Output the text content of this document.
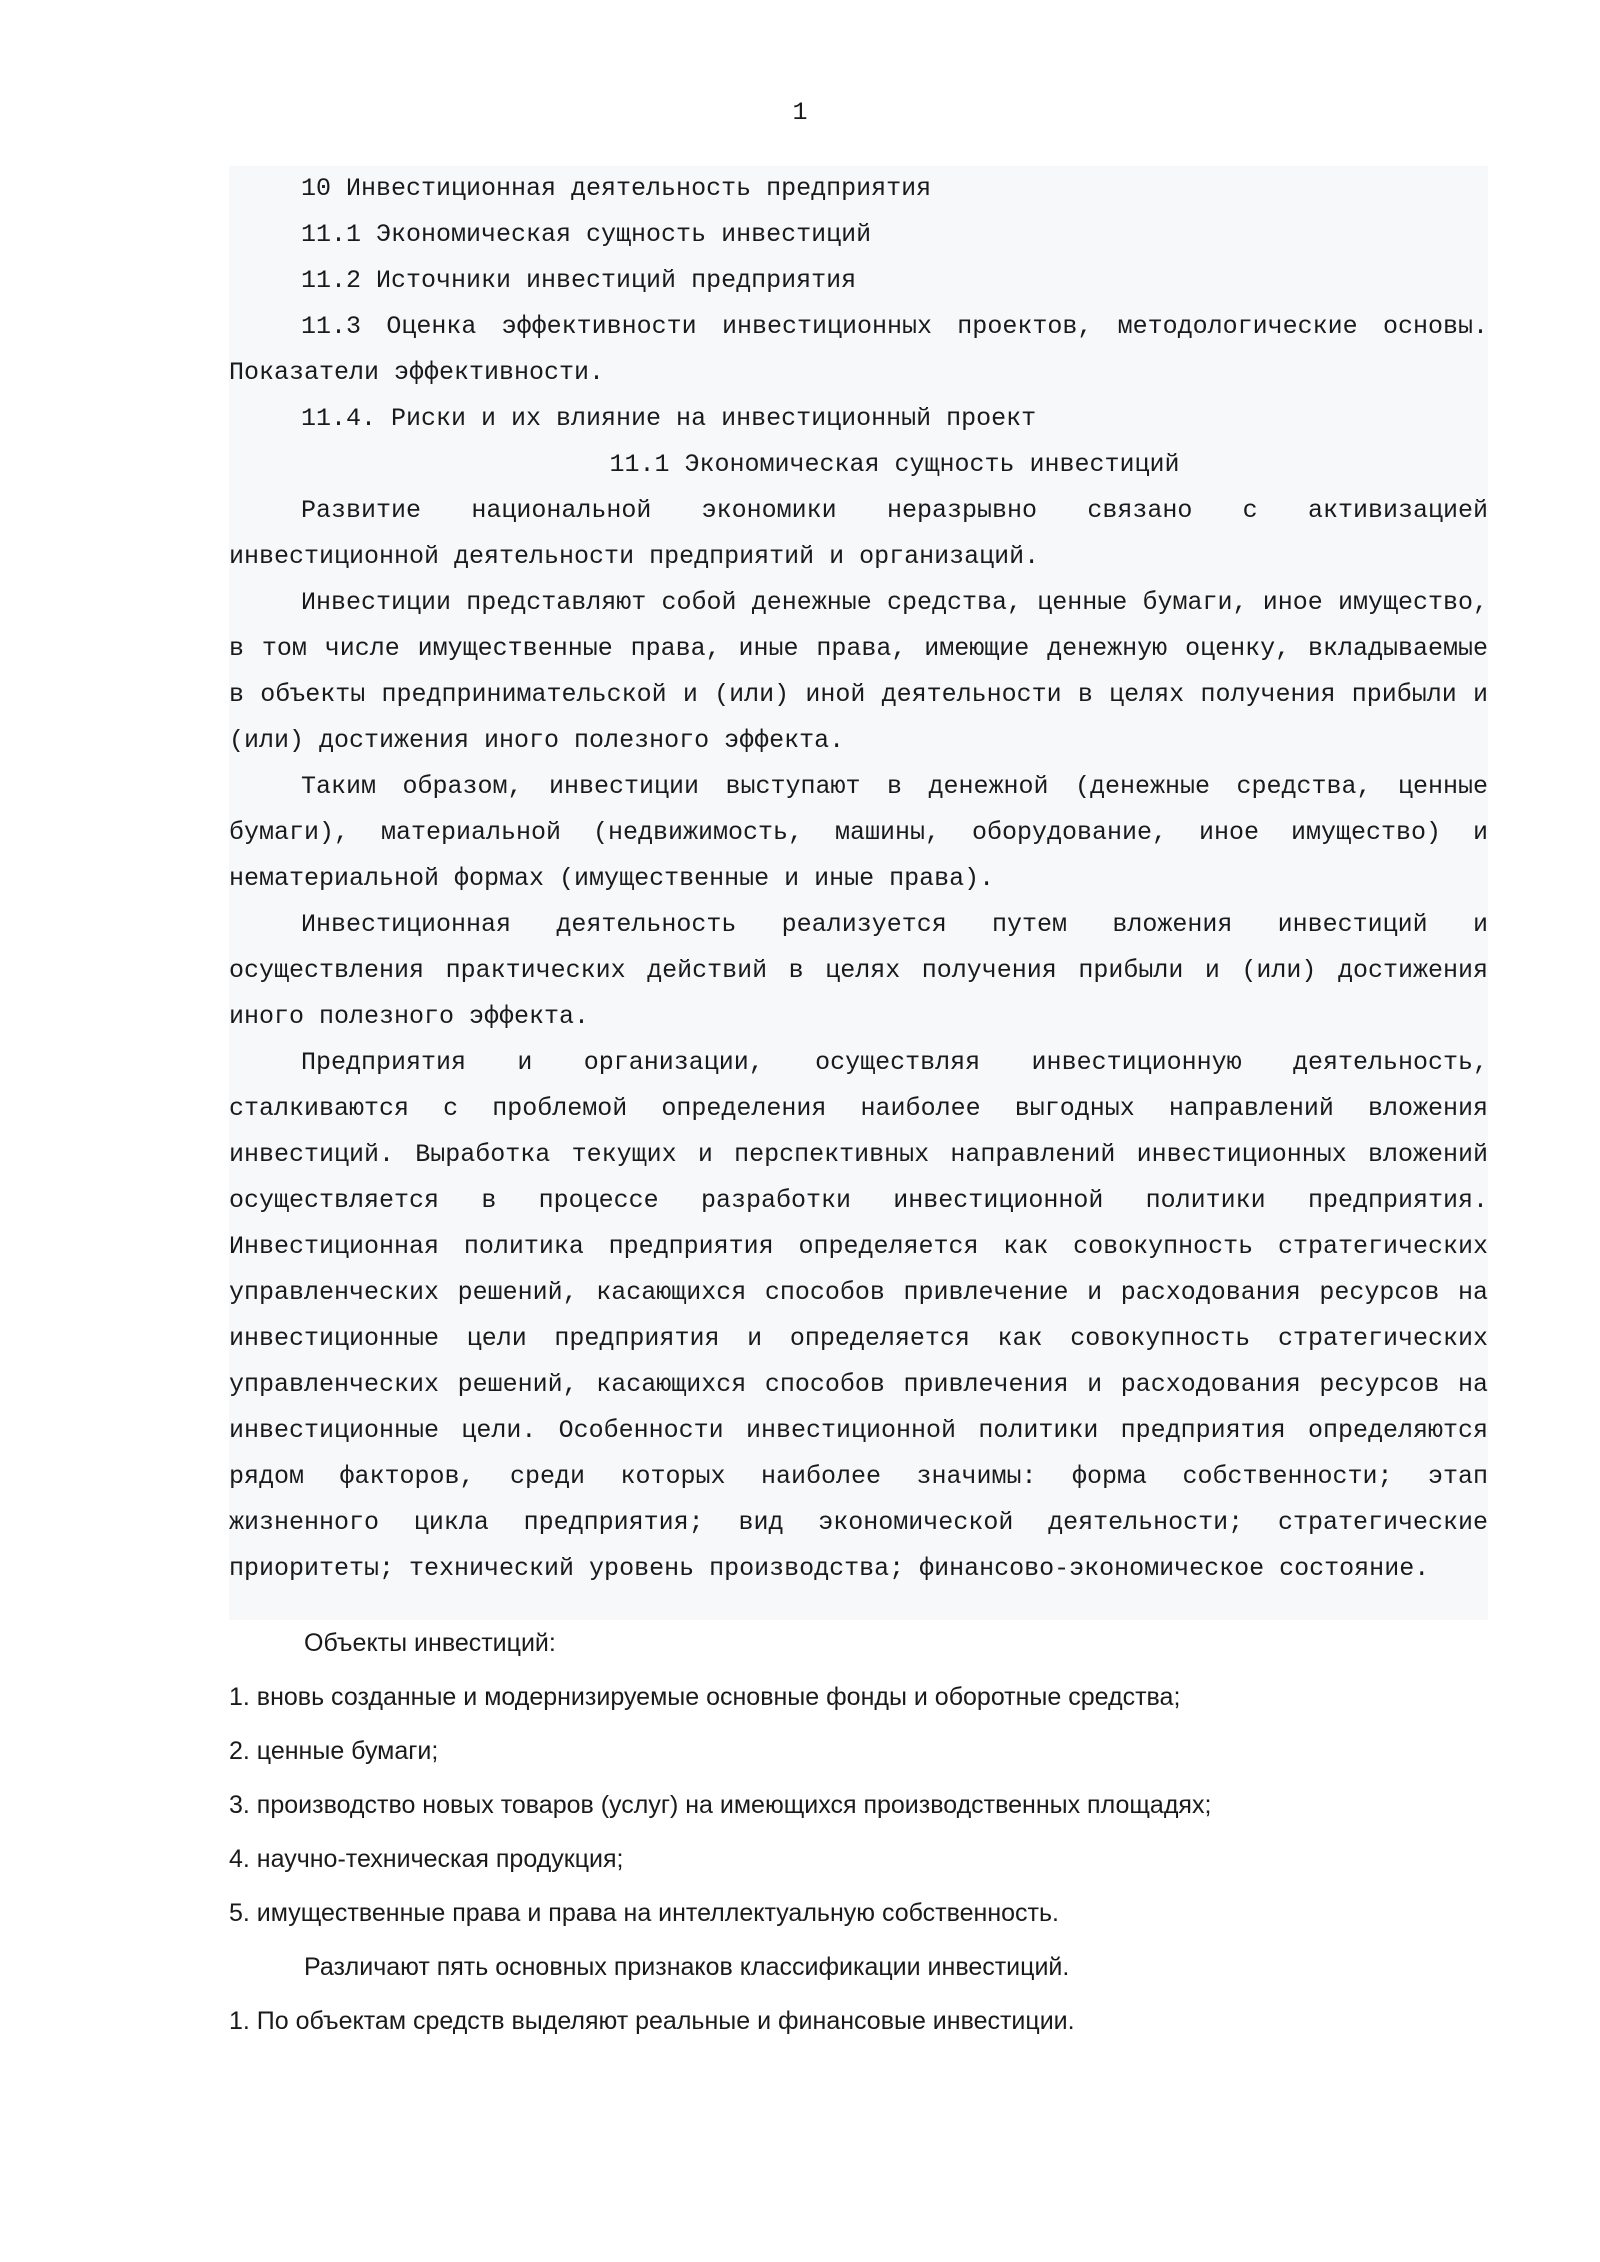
1

10 Инвестиционная деятельность предприятия

11.1 Экономическая сущность инвестиций

11.2 Источники инвестиций предприятия

11.3 Оценка эффективности инвестиционных проектов, методологические основы. Показатели эффективности.

11.4. Риски и их влияние на инвестиционный проект

11.1 Экономическая сущность инвестиций

Развитие национальной экономики неразрывно связано с активизацией инвестиционной деятельности предприятий и организаций.

Инвестиции представляют собой денежные средства, ценные бумаги, иное имущество, в том числе имущественные права, иные права, имеющие денежную оценку, вкладываемые в объекты предпринимательской и (или) иной деятельности в целях получения прибыли и (или) достижения иного полезного эффекта.

Таким образом, инвестиции выступают в денежной (денежные средства, ценные бумаги), материальной (недвижимость, машины, оборудование, иное имущество) и нематериальной формах (имущественные и иные права).

Инвестиционная деятельность реализуется путем вложения инвестиций и осуществления практических действий в целях получения прибыли и (или) достижения иного полезного эффекта.

Предприятия и организации, осуществляя инвестиционную деятельность, сталкиваются с проблемой определения наиболее выгодных направлений вложения инвестиций. Выработка текущих и перспективных направлений инвестиционных вложений осуществляется в процессе разработки инвестиционной политики предприятия. Инвестиционная политика предприятия определяется как совокупность стратегических управленческих решений, касающихся способов привлечение и расходования ресурсов на инвестиционные цели предприятия и определяется как совокупность стратегических управленческих решений, касающихся способов привлечения и расходования ресурсов на инвестиционные цели. Особенности инвестиционной политики предприятия определяются рядом факторов, среди которых наиболее значимы: форма собственности; этап жизненного цикла предприятия; вид экономической деятельности; стратегические приоритеты; технический уровень производства; финансово-экономическое состояние.

Объекты инвестиций:

1. вновь созданные и модернизируемые основные фонды и оборотные средства;

2. ценные бумаги;

3. производство новых товаров (услуг) на имеющихся производственных площадях;

4. научно-техническая продукция;

5. имущественные права и права на интеллектуальную собственность.

Различают пять основных признаков классификации инвестиций.

1. По объектам средств выделяют реальные и финансовые инвестиции.
